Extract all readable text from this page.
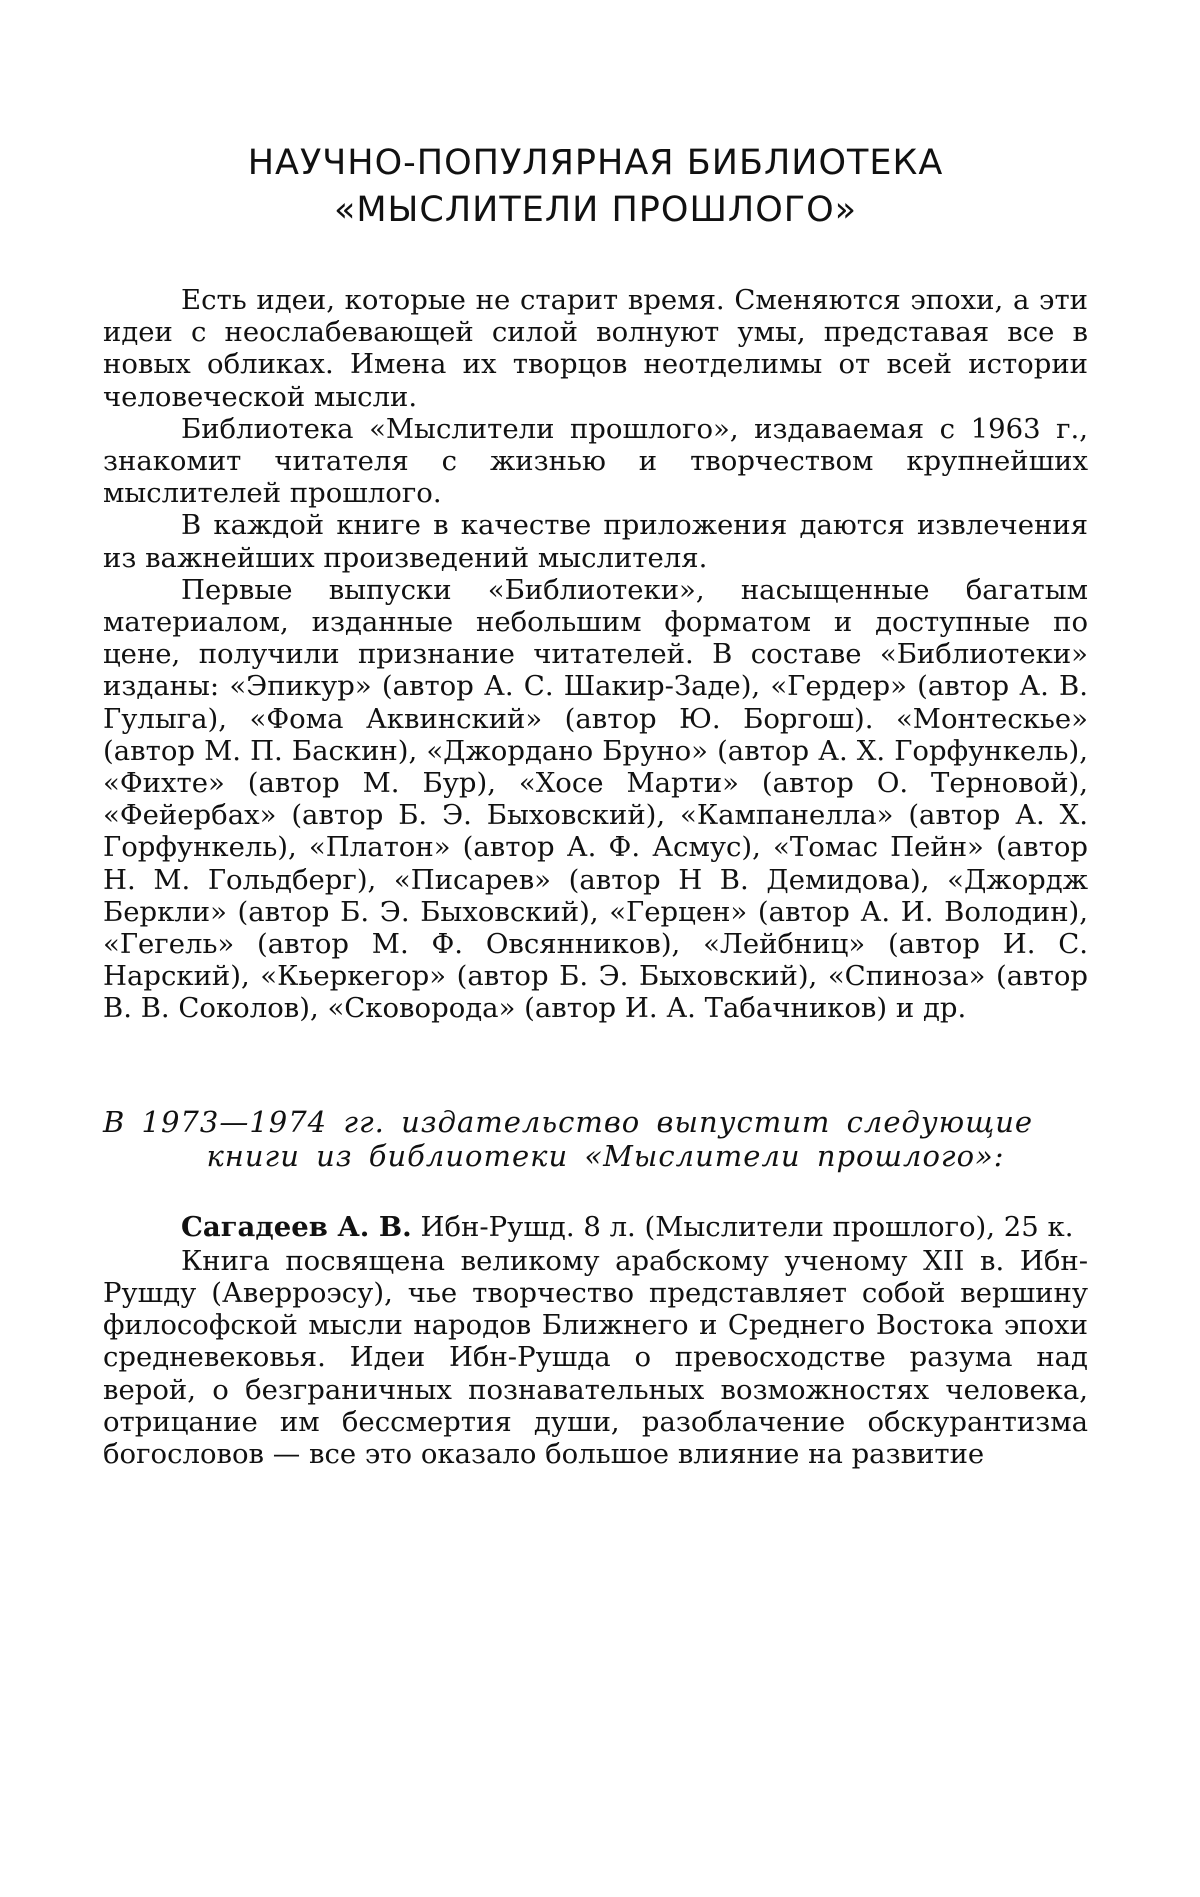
НАУЧНО-ПОПУЛЯРНАЯ БИБЛИОТЕКА
«МЫСЛИТЕЛИ ПРОШЛОГО»

Есть идеи, которые не старит время. Сменяются эпохи, а эти идеи с неослабевающей силой волнуют умы, представая все в новых обликах. Имена их творцов неотделимы от всей истории человеческой мысли.

Библиотека «Мыслители прошлого», издаваемая с 1963 г., знакомит читателя с жизнью и творчеством крупнейших мыслителей прошлого.

В каждой книге в качестве приложения даются извлечения из важнейших произведений мыслителя.

Первые выпуски «Библиотеки», насыщенные багатым материалом, изданные небольшим форматом и доступные по цене, получили признание читателей. В составе «Библиотеки» изданы: «Эпикур» (автор А. С. Шакир-Заде), «Гердер» (автор А. В. Гулыга), «Фома Аквинский» (автор Ю. Боргош). «Монтескье» (автор М. П. Баскин), «Джордано Бруно» (автор А. X. Горфункель), «Фихте» (автор М. Бур), «Хосе Марти» (автор О. Терновой), «Фейербах» (автор Б. Э. Быховский), «Кампанелла» (автор А. X. Горфункель), «Платон» (автор А. Ф. Асмус), «Томас Пейн» (автор Н. М. Гольдберг), «Писарев» (автор Н В. Демидова), «Джордж Беркли» (автор Б. Э. Быховский), «Герцен» (автор А. И. Володин), «Гегель» (автор М. Ф. Овсянников), «Лейбниц» (автор И. С. Нарский), «Кьеркегор» (автор Б. Э. Быховский), «Спиноза» (автор В. В. Соколов), «Сковорода» (автор И. А. Табачников) и др.

В 1973—1974 гг. издательство выпустит следующие
книги из библиотеки «Мыслители прошлого»:

Сагадеев А. В. Ибн-Рушд. 8 л. (Мыслители прошлого), 25 к.

Книга посвящена великому арабскому ученому XII в. Ибн-Рушду (Аверроэсу), чье творчество представляет собой вершину философской мысли народов Ближнего и Среднего Востока эпохи средневековья. Идеи Ибн-Рушда о превосходстве разума над верой, о безграничных познавательных возможностях человека, отрицание им бессмертия души, разоблачение обскурантизма богословов — все это оказало большое влияние на развитие
